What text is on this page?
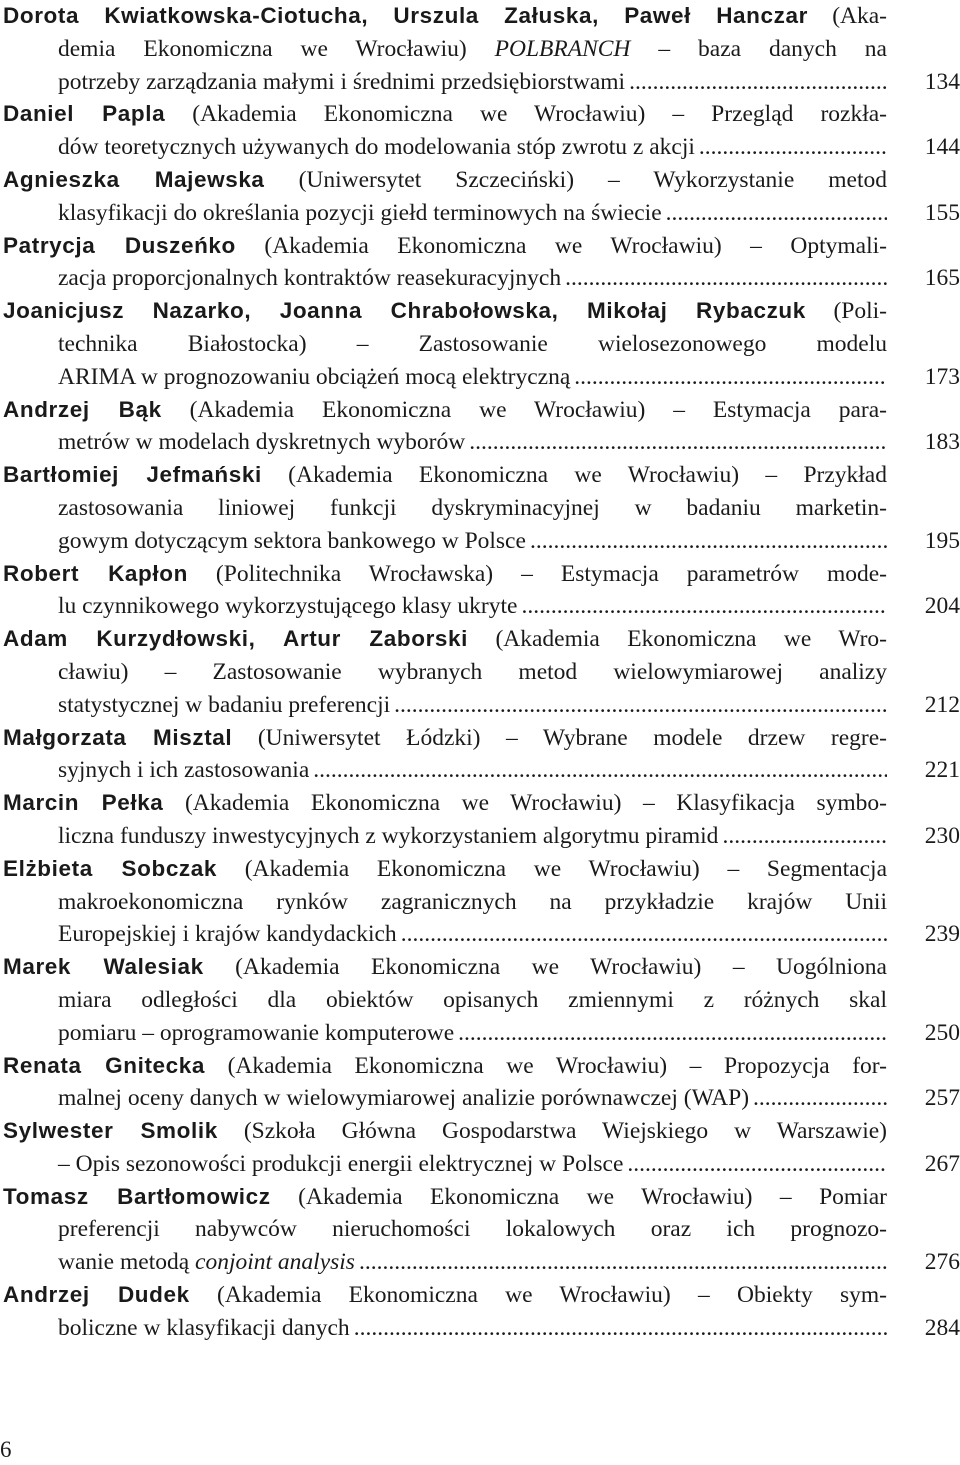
Dorota Kwiatkowska-Ciotucha, Urszula Załuska, Paweł Hanczar (Aka-
demia Ekonomiczna we Wrocławiu) POLBRANCH – baza danych na
potrzeby zarządzania małymi i średnimi przedsiębiorstwami .....	134
Daniel Papla (Akademia Ekonomiczna we Wrocławiu) – Przegląd rozkła-
dów teoretycznych używanych do modelowania stóp zwrotu z akcji .....	144
Agnieszka Majewska (Uniwersytet Szczeciński) – Wykorzystanie metod
klasyfikacji do określania pozycji giełd terminowych na świecie .....	155
Patrycja Duszeńko (Akademia Ekonomiczna we Wrocławiu) – Optymali-
zacja proporcjonalnych kontraktów reasekuracyjnych .....	165
Joanicjusz Nazarko, Joanna Chrabołowska, Mikołaj Rybaczuk (Poli-
technika Białostocka) – Zastosowanie wielosezonowego modelu
ARIMA w prognozowaniu obciążeń mocą elektryczną .....	173
Andrzej Bąk (Akademia Ekonomiczna we Wrocławiu) – Estymacja para-
metrów w modelach dyskretnych wyborów .....	183
Bartłomiej Jefmański (Akademia Ekonomiczna we Wrocławiu) – Przykład
zastosowania liniowej funkcji dyskryminacyjnej w badaniu marketin-
gowym dotyczącym sektora bankowego w Polsce .....	195
Robert Kapłon (Politechnika Wrocławska) – Estymacja parametrów mode-
lu czynnikowego wykorzystującego klasy ukryte .....	204
Adam Kurzydłowski, Artur Zaborski (Akademia Ekonomiczna we Wro-
cławiu) – Zastosowanie wybranych metod wielowymiarowej analizy
statystycznej w badaniu preferencji .....	212
Małgorzata Misztal (Uniwersytet Łódzki) – Wybrane modele drzew regre-
syjnych i ich zastosowania .....	221
Marcin Pełka (Akademia Ekonomiczna we Wrocławiu) – Klasyfikacja symbo-
liczna funduszy inwestycyjnych z wykorzystaniem algorytmu piramid .....	230
Elżbieta Sobczak (Akademia Ekonomiczna we Wrocławiu) – Segmentacja
makroekonomiczna rynków zagranicznych na przykładzie krajów Unii
Europejskiej i krajów kandydackich .....	239
Marek Walesiak (Akademia Ekonomiczna we Wrocławiu) – Uogólniona
miara odległości dla obiektów opisanych zmiennymi z różnych skal
pomiaru – oprogramowanie komputerowe .....	250
Renata Gnitecka (Akademia Ekonomiczna we Wrocławiu) – Propozycja for-
malnej oceny danych w wielowymiarowej analizie porównawczej (WAP) .....	257
Sylwester Smolik (Szkoła Główna Gospodarstwa Wiejskiego w Warszawie)
– Opis sezonowości produkcji energii elektrycznej w Polsce .....	267
Tomasz Bartłomowicz (Akademia Ekonomiczna we Wrocławiu) – Pomiar
preferencji nabywców nieruchomości lokalowych oraz ich prognozo-
wanie metodą conjoint analysis .....	276
Andrzej Dudek (Akademia Ekonomiczna we Wrocławiu) – Obiekty sym-
boliczne w klasyfikacji danych .....	284
6
